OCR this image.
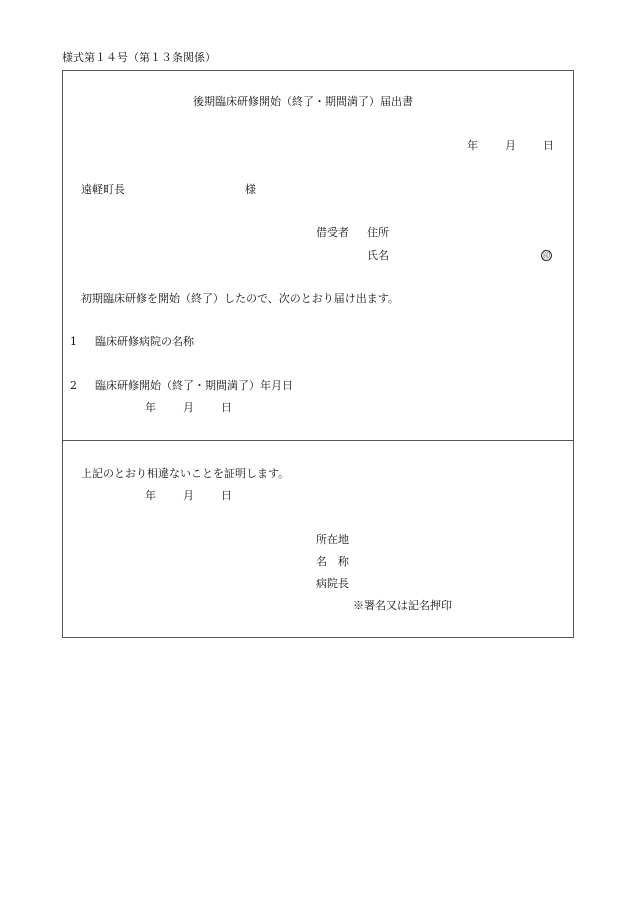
様式第１４号（第１３条関係）
後期臨床研修開始（終了・期間満了）届出書
年 月 日
遠軽町長	様
借受者 住所
氏名	印
初期臨床研修を開始（終了）したので、次のとおり届け出ます。
1 臨床研修病院の名称
2 臨床研修開始（終了・期間満了）年月日
年 月 日
上記のとおり相違ないことを証明します。
年 月 日
所在地
名　称
病院長
※署名又は記名押印
